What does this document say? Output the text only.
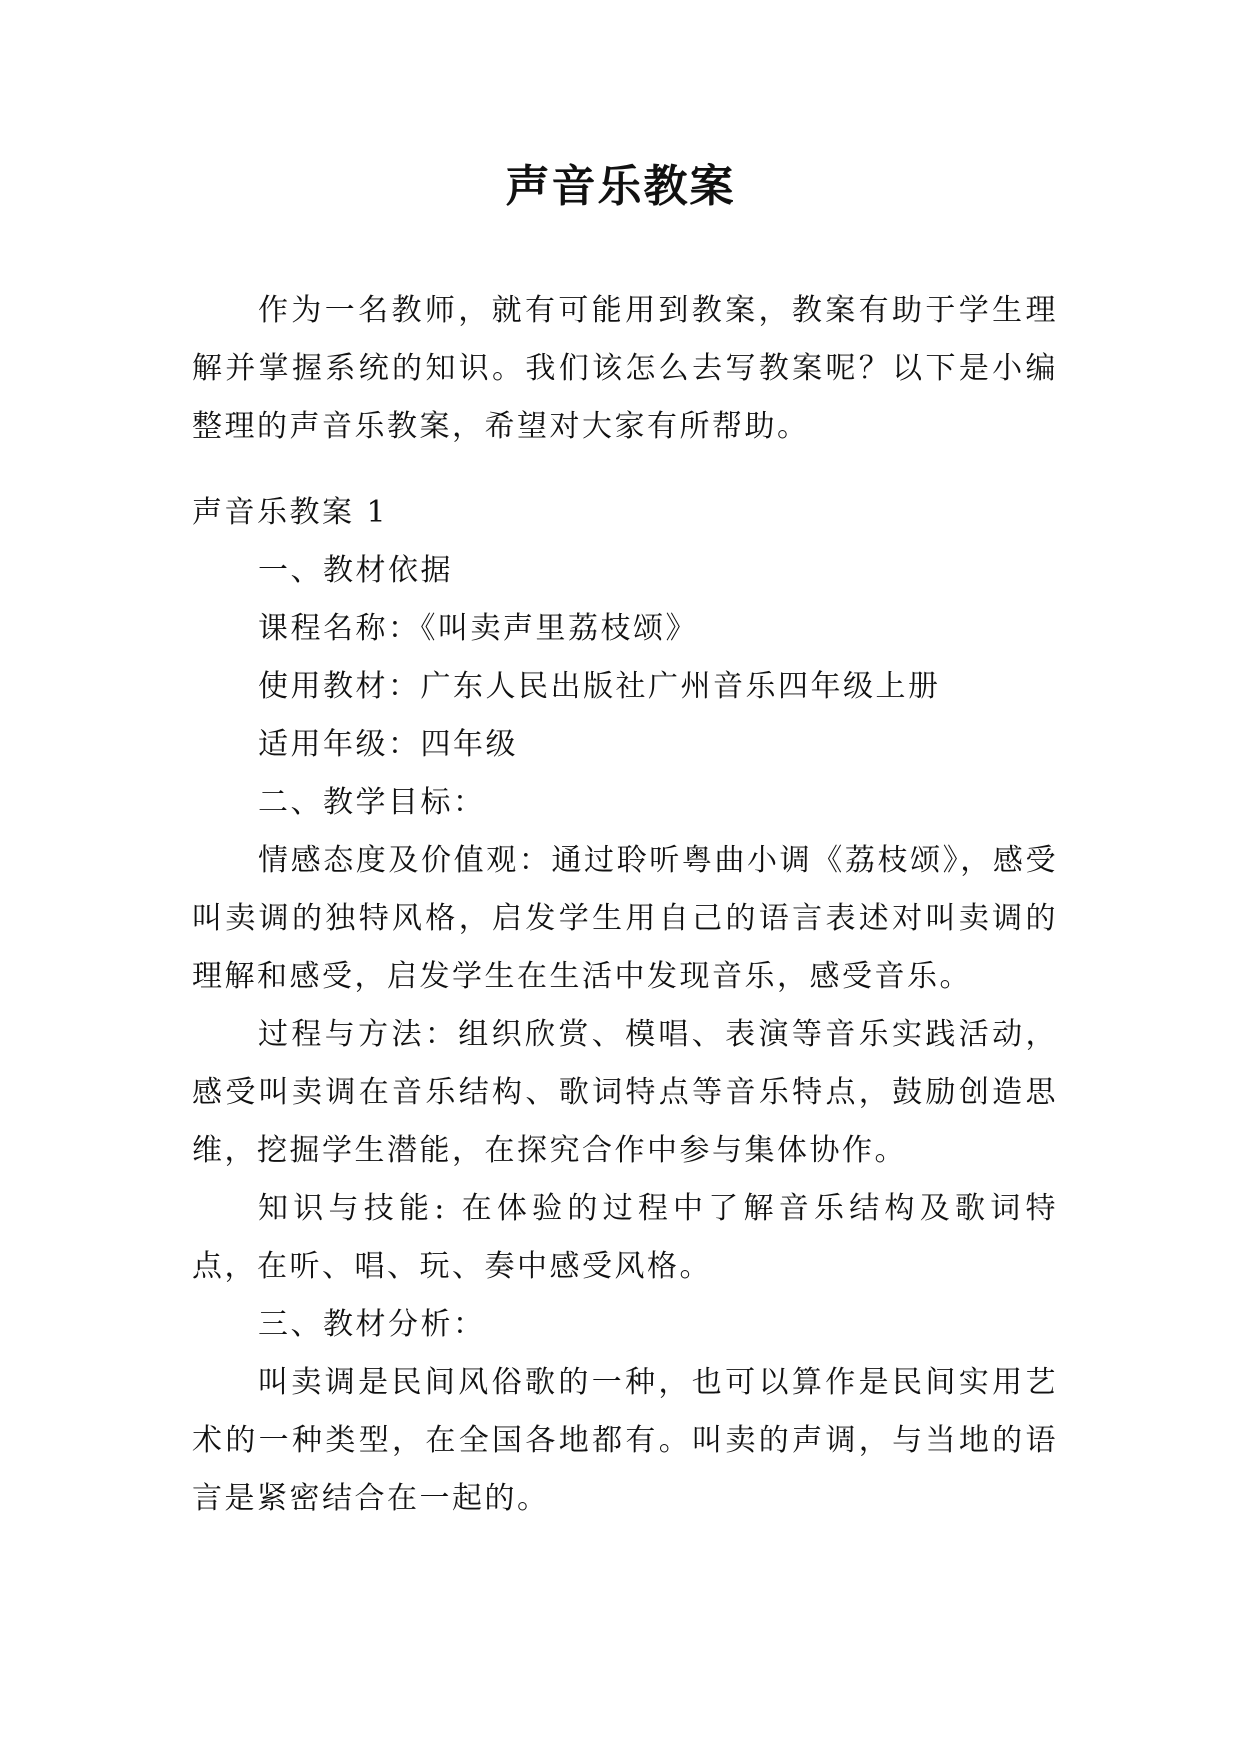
声音乐教案

作为一名教师，就有可能用到教案，教案有助于学生理解并掌握系统的知识。我们该怎么去写教案呢？以下是小编整理的声音乐教案，希望对大家有所帮助。

声音乐教案 1

一、教材依据

课程名称：《叫卖声里荔枝颂》

使用教材：广东人民出版社广州音乐四年级上册

适用年级：四年级

二、教学目标：

情感态度及价值观：通过聆听粤曲小调《荔枝颂》，感受叫卖调的独特风格，启发学生用自己的语言表述对叫卖调的理解和感受，启发学生在生活中发现音乐，感受音乐。

过程与方法：组织欣赏、模唱、表演等音乐实践活动，感受叫卖调在音乐结构、歌词特点等音乐特点，鼓励创造思维，挖掘学生潜能，在探究合作中参与集体协作。

知识与技能: 在体验的过程中了解音乐结构及歌词特点，在听、唱、玩、奏中感受风格。

三、教材分析：

叫卖调是民间风俗歌的一种，也可以算作是民间实用艺术的一种类型，在全国各地都有。叫卖的声调，与当地的语言是紧密结合在一起的。
